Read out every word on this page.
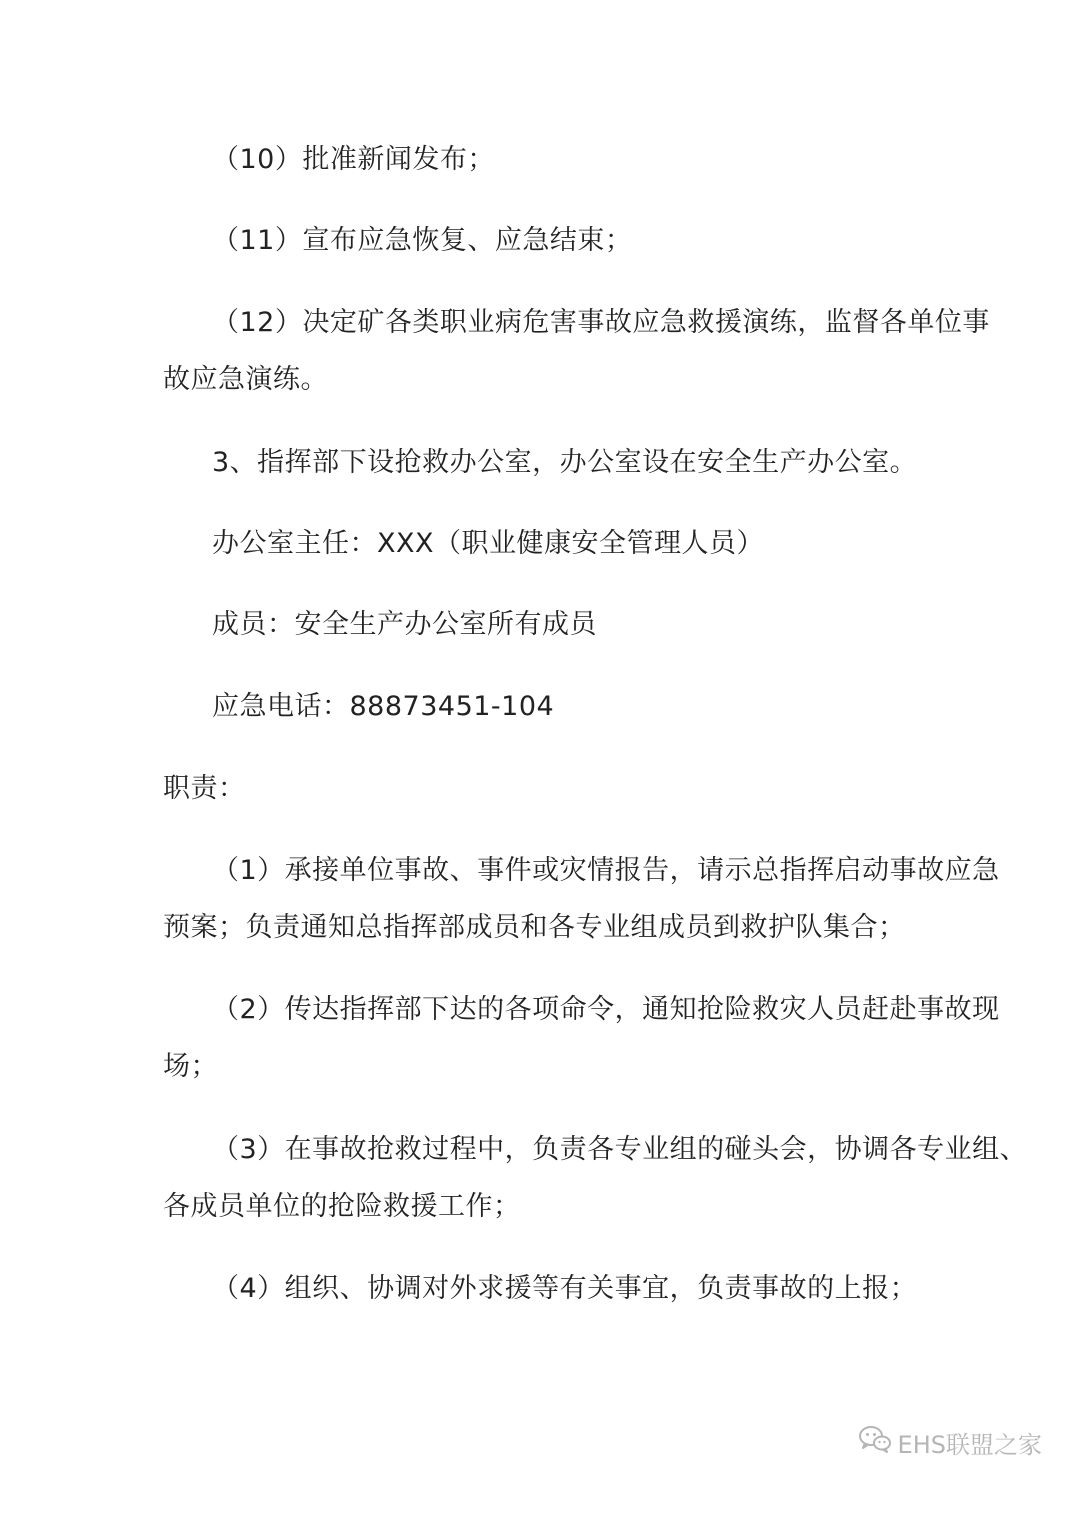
（10）批准新闻发布；
（11）宣布应急恢复、应急结束；
（12）决定矿各类职业病危害事故应急救援演练，监督各单位事
故应急演练。
3、指挥部下设抢救办公室，办公室设在安全生产办公室。
办公室主任：XXX（职业健康安全管理人员）
成员：安全生产办公室所有成员
应急电话：88873451-104
职责：
（1）承接单位事故、事件或灾情报告，请示总指挥启动事故应急
预案；负责通知总指挥部成员和各专业组成员到救护队集合；
（2）传达指挥部下达的各项命令，通知抢险救灾人员赶赴事故现
场；
（3）在事故抢救过程中，负责各专业组的碰头会，协调各专业组、
各成员单位的抢险救援工作；
（4）组织、协调对外求援等有关事宜，负责事故的上报；
EHS联盟之家
